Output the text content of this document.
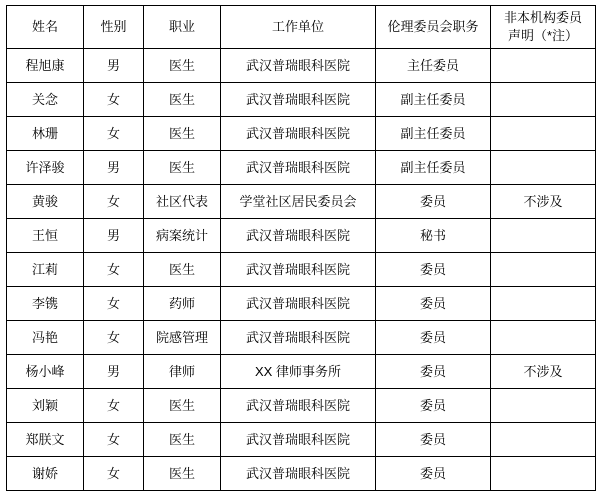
姓名	性别	职业	工作单位	伦理委员会职务	非本机构委员声明（*注）

程旭康	男	医生	武汉普瑞眼科医院	主任委员	

关念	女	医生	武汉普瑞眼科医院	副主任委员	

林珊	女	医生	武汉普瑞眼科医院	副主任委员	

许泽骏	男	医生	武汉普瑞眼科医院	副主任委员	

黄骏	女	社区代表	学堂社区居民委员会	委员	不涉及

王恒	男	病案统计	武汉普瑞眼科医院	秘书	

江莉	女	医生	武汉普瑞眼科医院	委员	

李镌	女	药师	武汉普瑞眼科医院	委员	

冯艳	女	院感管理	武汉普瑞眼科医院	委员	

杨小峰	男	律师	XX 律师事务所	委员	不涉及

刘颖	女	医生	武汉普瑞眼科医院	委员	

郑朕文	女	医生	武汉普瑞眼科医院	委员	

谢娇	女	医生	武汉普瑞眼科医院	委员	
